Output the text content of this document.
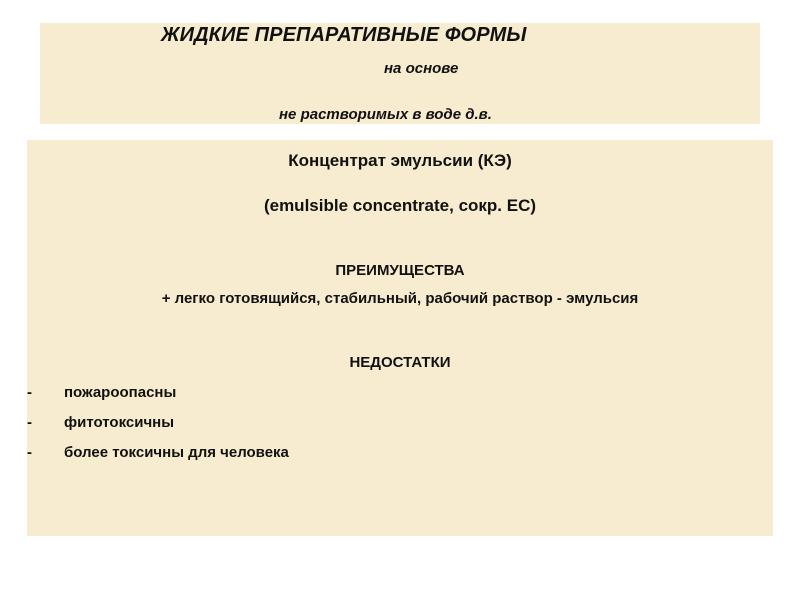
ЖИДКИЕ ПРЕПАРАТИВНЫЕ ФОРМЫ
на основе
не растворимых в воде д.в.
Концентрат эмульсии (КЭ)
(emulsible concentrate, сокр. ЕС)
ПРЕИМУЩЕСТВА
+ легко готовящийся, стабильный, рабочий раствор - эмульсия
НЕДОСТАТКИ
- пожароопасны
- фитотоксичны
- более токсичны для человека
